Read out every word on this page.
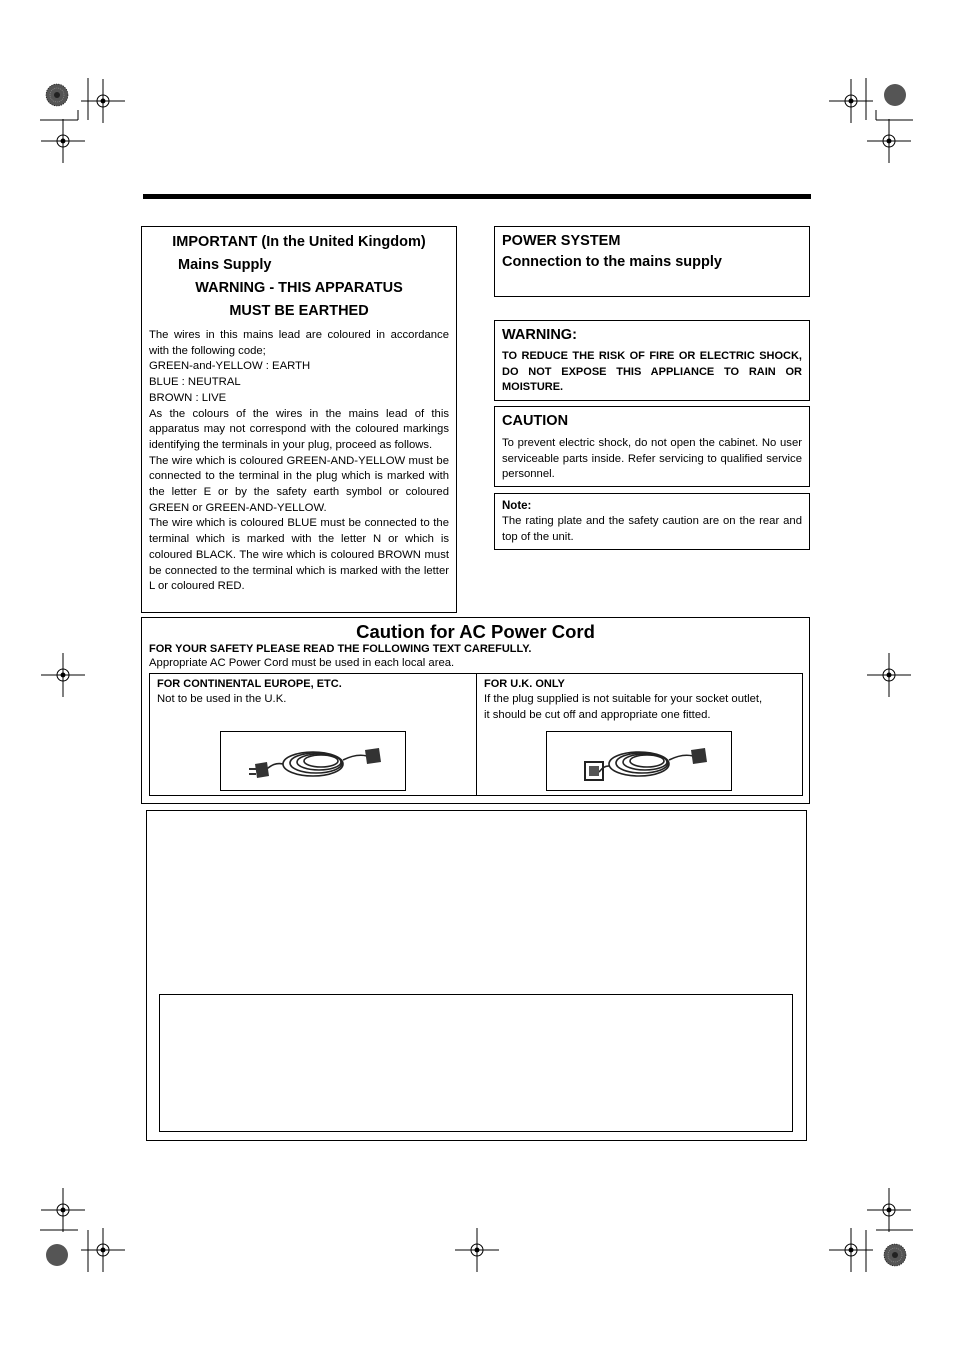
IMPORTANT (In the United Kingdom)
Mains Supply
WARNING - THIS APPARATUS
MUST BE EARTHED

The wires in this mains lead are coloured in accordance with the following code;

GREEN-and-YELLOW : EARTH

BLUE : NEUTRAL

BROWN : LIVE

As the colours of the wires in the mains lead of this apparatus may not correspond with the coloured markings identifying the terminals in your plug, proceed as follows.

The wire which is coloured GREEN-AND-YELLOW must be connected to the terminal in the plug which is marked with the letter E or by the safety earth symbol or coloured GREEN or GREEN-AND-YELLOW.

The wire which is coloured BLUE must be connected to the terminal which is marked with the letter N or which is coloured BLACK. The wire which is coloured BROWN must be connected to the terminal which is marked with the letter L or coloured RED.

POWER SYSTEM
Connection to the mains supply
WARNING:

TO REDUCE THE RISK OF FIRE OR ELECTRIC SHOCK, DO NOT EXPOSE THIS APPLIANCE TO RAIN OR MOISTURE.

CAUTION

To prevent electric shock, do not open the cabinet. No user serviceable parts inside. Refer servicing to qualified service personnel.

Note:

The rating plate and the safety caution are on the rear and top of the unit.

Caution for AC Power Cord
FOR YOUR SAFETY PLEASE READ THE FOLLOWING TEXT CAREFULLY.
Appropriate AC Power Cord must be used in each local area.
FOR CONTINENTAL EUROPE, ETC.
Not to be used in the U.K.
FOR U.K. ONLY
If the plug supplied is not suitable for your socket outlet,
it should be cut off and appropriate one fitted.
